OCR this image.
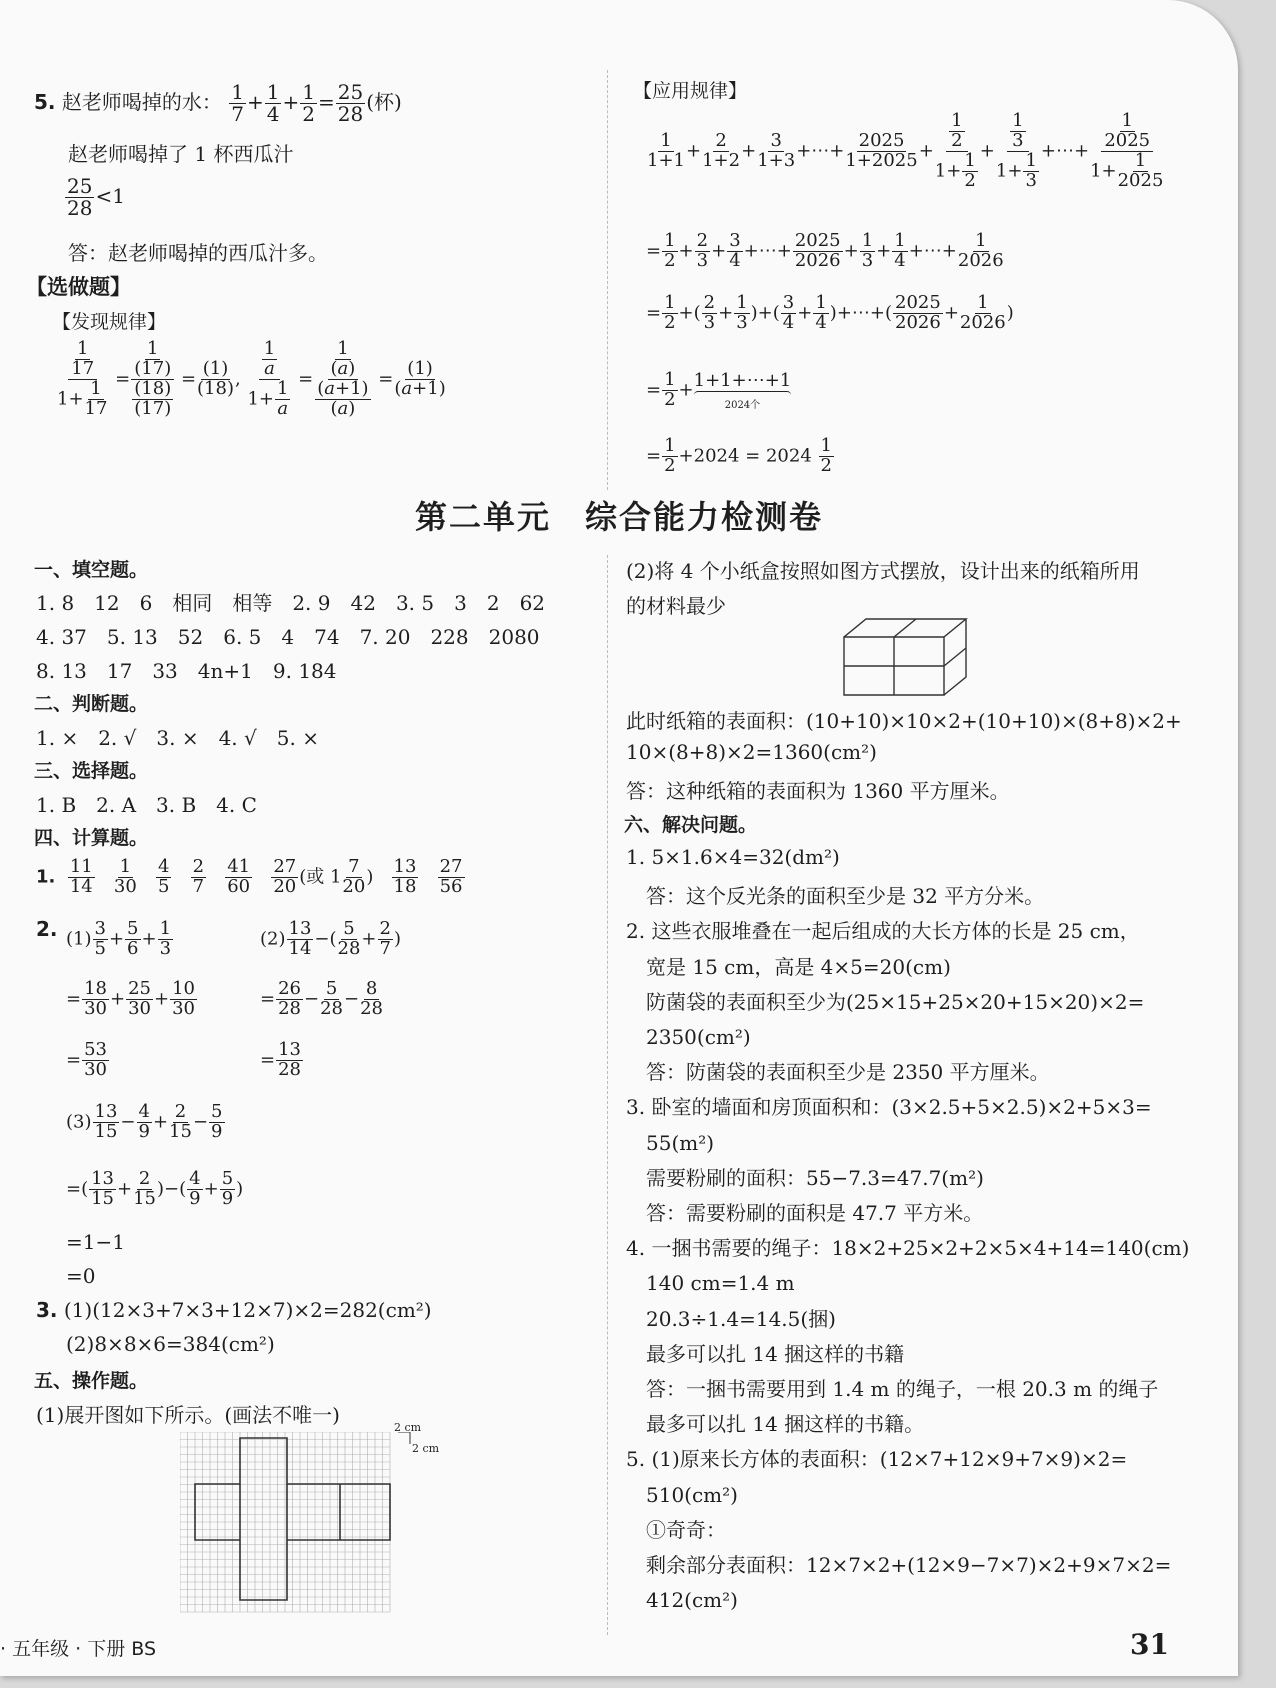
5. 赵老师喝掉的水： $\frac{1}{7} + \frac{1}{4} + \frac{1}{2} = \frac{25}{28}$ (杯)
赵老师喝掉了 1 杯西瓜汁
$\frac{25}{28} <1$
答：赵老师喝掉的西瓜汁多。
【选做题】
【发现规律】
$\frac{\frac{1}{17}}{1+ \frac{1}{17}} = \frac{\frac{1}{(17)}}{\frac{(18)}{(17)}} = \frac{(1)}{(18)}$ , $\frac{\frac{1}{a}}{1+ \frac{1}{a}} = \frac{\frac{1}{(a)}}{\frac{(a+1)}{(a)}} = \frac{(1)}{(a+1)}$
【应用规律】
$\frac{1}{1+1} + \frac{2}{1+2} + \frac{3}{1+3}$ +⋯+ $\frac{2025}{1+2025} + \frac{\frac{1}{2}}{1+ \frac{1}{2}} + \frac{\frac{1}{3}}{1+ \frac{1}{3}}$ +⋯+ $\frac{\frac{1}{2025}}{1+ \frac{1}{2025}}$
= $\frac{1}{2} + \frac{2}{3} + \frac{3}{4}$ +⋯+ $\frac{2025}{2026} + \frac{1}{3} + \frac{1}{4}$ +⋯+ $\frac{1}{2026}$
= $\frac{1}{2}$ +( $\frac{2}{3} + \frac{1}{3}$ )+( $\frac{3}{4} + \frac{1}{4}$ )+⋯+( $\frac{2025}{2026} + \frac{1}{2026}$ )
= $\frac{1}{2}$ + 1+1+⋯+1
2024个
= $\frac{1}{2} +2024 = 2024 \frac{1}{2}$
第二单元　综合能力检测卷
一、填空题。
1. 8　12　6　相同　相等　2. 9　42　3. 5　3　2　62
4. 37　5. 13　52　6. 5　4　74　7. 20　228　2080
8. 13　17　33　4n+1　9. 184
二、判断题。
1. ×　2. √　3. ×　4. √　5. ×
三、选择题。
1. B　2. A　3. B　4. C
四、计算题。
1. $\frac{11}{14}$
$\frac{1}{30}$
$\frac{4}{5}$
$\frac{2}{7}$
$\frac{41}{60}$
$\frac{27}{20}$ (或 $1 \frac{7}{20}$ ) $\frac{13}{18}$
$\frac{27}{56}$
2. $(1) \frac{3}{5} + \frac{5}{6} + \frac{1}{3}$
= $\frac{18}{30} + \frac{25}{30} + \frac{10}{30}$
= $\frac{53}{30}$
$(2) \frac{13}{14}$ −( $\frac{5}{28} + \frac{2}{7}$ )
= $\frac{26}{28} - \frac{5}{28} - \frac{8}{28}$
= $\frac{13}{28}$
$(3) \frac{13}{15} - \frac{4}{9} + \frac{2}{15} - \frac{5}{9}$
=( $\frac{13}{15} + \frac{2}{15}$ )−( $\frac{4}{9} + \frac{5}{9}$ )
=1−1
=0
3. (1)(12×3+7×3+12×7)×2=282(cm²)
(2)8×8×6=384(cm²)
五、操作题。
(1)展开图如下所示。(画法不唯一)
2 cm
2 cm
(2)将 4 个小纸盒按照如图方式摆放，设计出来的纸箱所用
的材料最少
此时纸箱的表面积：(10+10)×10×2+(10+10)×(8+8)×2+
10×(8+8)×2=1360(cm²)
答：这种纸箱的表面积为 1360 平方厘米。
六、解决问题。
1. 5×1.6×4=32(dm²)
　答：这个反光条的面积至少是 32 平方分米。
2. 这些衣服堆叠在一起后组成的大长方体的长是 25 cm，
　宽是 15 cm，高是 4×5=20(cm)
　防菌袋的表面积至少为(25×15+25×20+15×20)×2=
　2350(cm²)
　答：防菌袋的表面积至少是 2350 平方厘米。
3. 卧室的墙面和房顶面积和：(3×2.5+5×2.5)×2+5×3=
　55(m²)
　需要粉刷的面积：55−7.3=47.7(m²)
　答：需要粉刷的面积是 47.7 平方米。
4. 一捆书需要的绳子：18×2+25×2+2×5×4+14=140(cm)
　140 cm=1.4 m
　20.3÷1.4=14.5(捆)
　最多可以扎 14 捆这样的书籍
　答：一捆书需要用到 1.4 m 的绳子，一根 20.3 m 的绳子
　最多可以扎 14 捆这样的书籍。
5. (1)原来长方体的表面积：(12×7+12×9+7×9)×2=
　510(cm²)
　①奇奇：
　剩余部分表面积：12×7×2+(12×9−7×7)×2+9×7×2=
　412(cm²)
· 五年级 · 下册 BS	31
